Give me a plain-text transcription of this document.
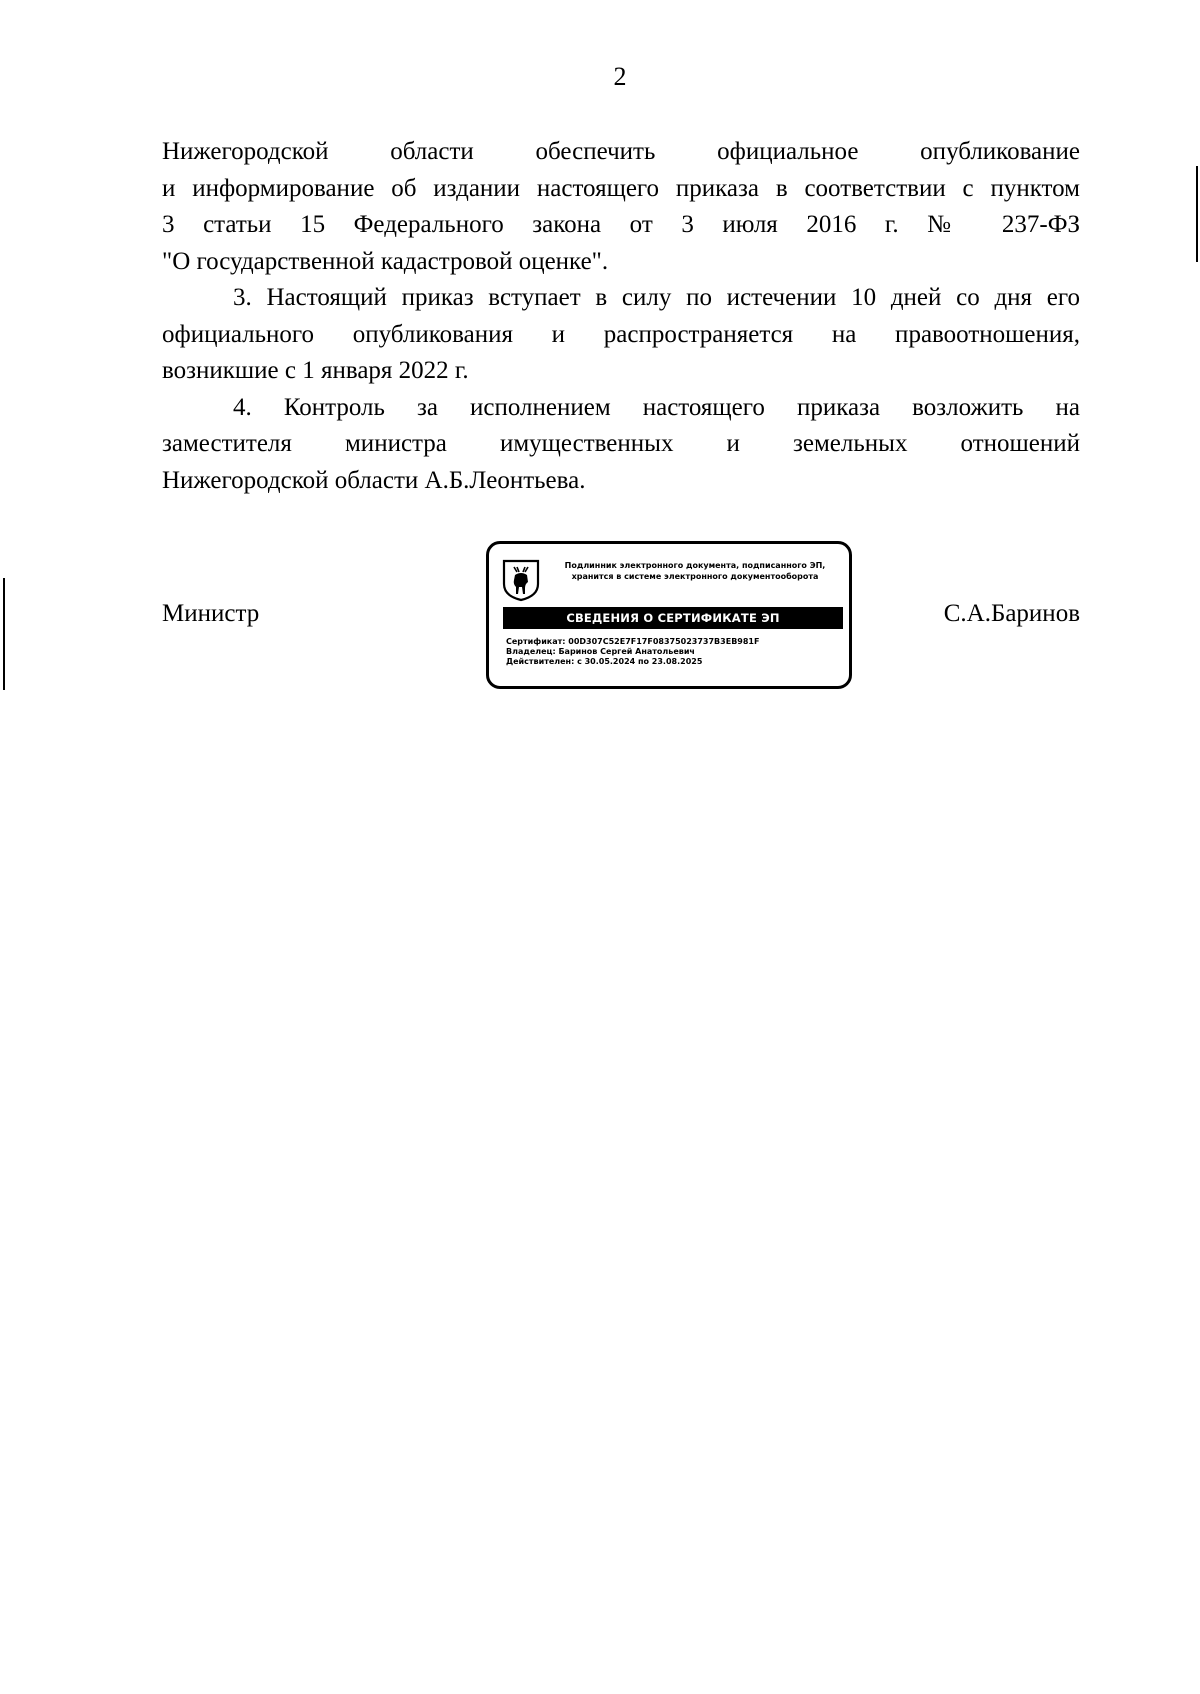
2

Нижегородской области обеспечить официальное опубликование

и информирование об издании настоящего приказа в соответствии с пунктом

3 статьи 15 Федерального закона от 3 июля 2016 г. № 237-ФЗ

"О государственной кадастровой оценке".

3. Настоящий приказ вступает в силу по истечении 10 дней со дня его

официального опубликования и распространяется на правоотношения,

возникшие с 1 января 2022 г.

4. Контроль за исполнением настоящего приказа возложить на

заместителя министра имущественных и земельных отношений

Нижегородской области А.Б.Леонтьева.

Министр
Подлинник электронного документа, подписанного ЭП,
хранится в системе электронного документооборота
СВЕДЕНИЯ О СЕРТИФИКАТЕ ЭП
Сертификат: 00D307C52E7F17F08375023737B3EB981F
Владелец: Баринов Сергей Анатольевич
Действителен: с 30.05.2024 по 23.08.2025
С.А.Баринов
